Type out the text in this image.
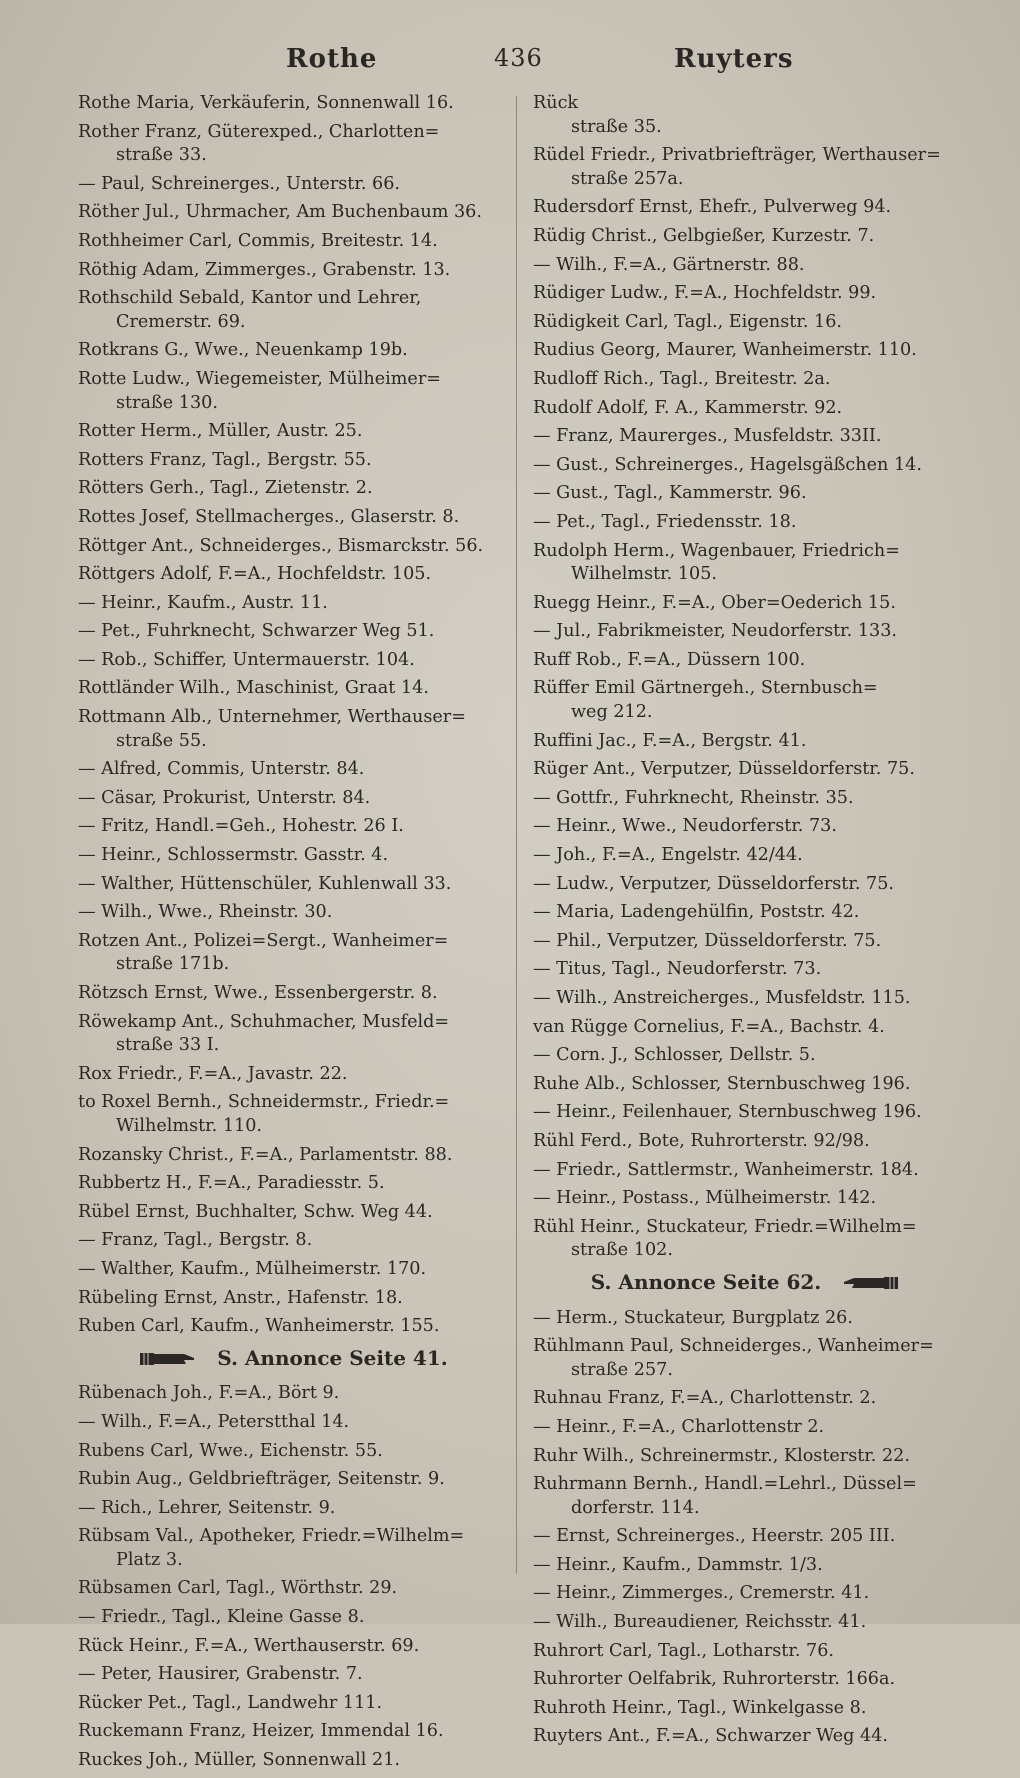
Rothe	436	Ruyters
Rothe Maria, Verkäuferin, Sonnenwall 16.
Rother Franz, Güterexped., Charlotten=
straße 33.
— Paul, Schreinerges., Unterstr. 66.
Röther Jul., Uhrmacher, Am Buchenbaum 36.
Rothheimer Carl, Commis, Breitestr. 14.
Röthig Adam, Zimmerges., Grabenstr. 13.
Rothschild Sebald, Kantor und Lehrer,
Cremerstr. 69.
Rotkrans G., Wwe., Neuenkamp 19b.
Rotte Ludw., Wiegemeister, Mülheimer=
straße 130.
Rotter Herm., Müller, Austr. 25.
Rotters Franz, Tagl., Bergstr. 55.
Rötters Gerh., Tagl., Zietenstr. 2.
Rottes Josef, Stellmacherges., Glaserstr. 8.
Röttger Ant., Schneiderges., Bismarckstr. 56.
Röttgers Adolf, F.=A., Hochfeldstr. 105.
— Heinr., Kaufm., Austr. 11.
— Pet., Fuhrknecht, Schwarzer Weg 51.
— Rob., Schiffer, Untermauerstr. 104.
Rottländer Wilh., Maschinist, Graat 14.
Rottmann Alb., Unternehmer, Werthauser=
straße 55.
— Alfred, Commis, Unterstr. 84.
— Cäsar, Prokurist, Unterstr. 84.
— Fritz, Handl.=Geh., Hohestr. 26 I.
— Heinr., Schlossermstr. Gasstr. 4.
— Walther, Hüttenschüler, Kuhlenwall 33.
— Wilh., Wwe., Rheinstr. 30.
Rotzen Ant., Polizei=Sergt., Wanheimer=
straße 171b.
Rötzsch Ernst, Wwe., Essenbergerstr. 8.
Röwekamp Ant., Schuhmacher, Musfeld=
straße 33 I.
Rox Friedr., F.=A., Javastr. 22.
to Roxel Bernh., Schneidermstr., Friedr.=
Wilhelmstr. 110.
Rozansky Christ., F.=A., Parlamentstr. 88.
Rubbertz H., F.=A., Paradiesstr. 5.
Rübel Ernst, Buchhalter, Schw. Weg 44.
— Franz, Tagl., Bergstr. 8.
— Walther, Kaufm., Mülheimerstr. 170.
Rübeling Ernst, Anstr., Hafenstr. 18.
Ruben Carl, Kaufm., Wanheimerstr. 155.
S. Annonce Seite 41.
Rübenach Joh., F.=A., Bört 9.
— Wilh., F.=A., Peterstthal 14.
Rubens Carl, Wwe., Eichenstr. 55.
Rubin Aug., Geldbriefträger, Seitenstr. 9.
— Rich., Lehrer, Seitenstr. 9.
Rübsam Val., Apotheker, Friedr.=Wilhelm=
Platz 3.
Rübsamen Carl, Tagl., Wörthstr. 29.
— Friedr., Tagl., Kleine Gasse 8.
Rück Heinr., F.=A., Werthauserstr. 69.
— Peter, Hausirer, Grabenstr. 7.
Rücker Pet., Tagl., Landwehr 111.
Ruckemann Franz, Heizer, Immendal 16.
Ruckes Joh., Müller, Sonnenwall 21.
Rück
straße 35.
Rüdel Friedr., Privatbriefträger, Werthauser=
straße 257a.
Rudersdorf Ernst, Ehefr., Pulverweg 94.
Rüdig Christ., Gelbgießer, Kurzestr. 7.
— Wilh., F.=A., Gärtnerstr. 88.
Rüdiger Ludw., F.=A., Hochfeldstr. 99.
Rüdigkeit Carl, Tagl., Eigenstr. 16.
Rudius Georg, Maurer, Wanheimerstr. 110.
Rudloff Rich., Tagl., Breitestr. 2a.
Rudolf Adolf, F. A., Kammerstr. 92.
— Franz, Maurerges., Musfeldstr. 33II.
— Gust., Schreinerges., Hagelsgäßchen 14.
— Gust., Tagl., Kammerstr. 96.
— Pet., Tagl., Friedensstr. 18.
Rudolph Herm., Wagenbauer, Friedrich=
Wilhelmstr. 105.
Ruegg Heinr., F.=A., Ober=Oederich 15.
— Jul., Fabrikmeister, Neudorferstr. 133.
Ruff Rob., F.=A., Düssern 100.
Rüffer Emil Gärtnergeh., Sternbusch=
weg 212.
Ruffini Jac., F.=A., Bergstr. 41.
Rüger Ant., Verputzer, Düsseldorferstr. 75.
— Gottfr., Fuhrknecht, Rheinstr. 35.
— Heinr., Wwe., Neudorferstr. 73.
— Joh., F.=A., Engelstr. 42/44.
— Ludw., Verputzer, Düsseldorferstr. 75.
— Maria, Ladengehülfin, Poststr. 42.
— Phil., Verputzer, Düsseldorferstr. 75.
— Titus, Tagl., Neudorferstr. 73.
— Wilh., Anstreicherges., Musfeldstr. 115.
van Rügge Cornelius, F.=A., Bachstr. 4.
— Corn. J., Schlosser, Dellstr. 5.
Ruhe Alb., Schlosser, Sternbuschweg 196.
— Heinr., Feilenhauer, Sternbuschweg 196.
Rühl Ferd., Bote, Ruhrorterstr. 92/98.
— Friedr., Sattlermstr., Wanheimerstr. 184.
— Heinr., Postass., Mülheimerstr. 142.
Rühl Heinr., Stuckateur, Friedr.=Wilhelm=
straße 102.
S. Annonce Seite 62.
— Herm., Stuckateur, Burgplatz 26.
Rühlmann Paul, Schneiderges., Wanheimer=
straße 257.
Ruhnau Franz, F.=A., Charlottenstr. 2.
— Heinr., F.=A., Charlottenstr 2.
Ruhr Wilh., Schreinermstr., Klosterstr. 22.
Ruhrmann Bernh., Handl.=Lehrl., Düssel=
dorferstr. 114.
— Ernst, Schreinerges., Heerstr. 205 III.
— Heinr., Kaufm., Dammstr. 1/3.
— Heinr., Zimmerges., Cremerstr. 41.
— Wilh., Bureaudiener, Reichsstr. 41.
Ruhrort Carl, Tagl., Lotharstr. 76.
Ruhrorter Oelfabrik, Ruhrorterstr. 166a.
Ruhroth Heinr., Tagl., Winkelgasse 8.
Ruyters Ant., F.=A., Schwarzer Weg 44.
